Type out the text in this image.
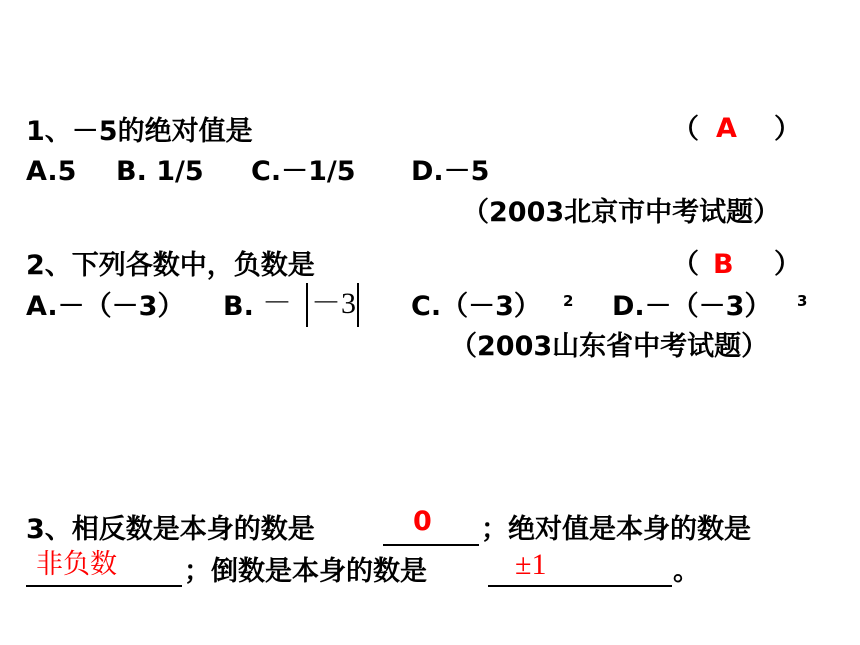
1、－5的绝对值是	（ A ）
A.5 B. 1/5 C.－1/5 D.－5
（2003北京市中考试题）
2、下列各数中，负数是	（ B ）
A.－（－3） B. － －3 C.（－3） 2 D.－（－3） 3
（2003山东省中考试题）
3、相反数是本身的数是	0 ；绝对值是本身的数是
非负数 ；倒数是本身的数是	±1	。
